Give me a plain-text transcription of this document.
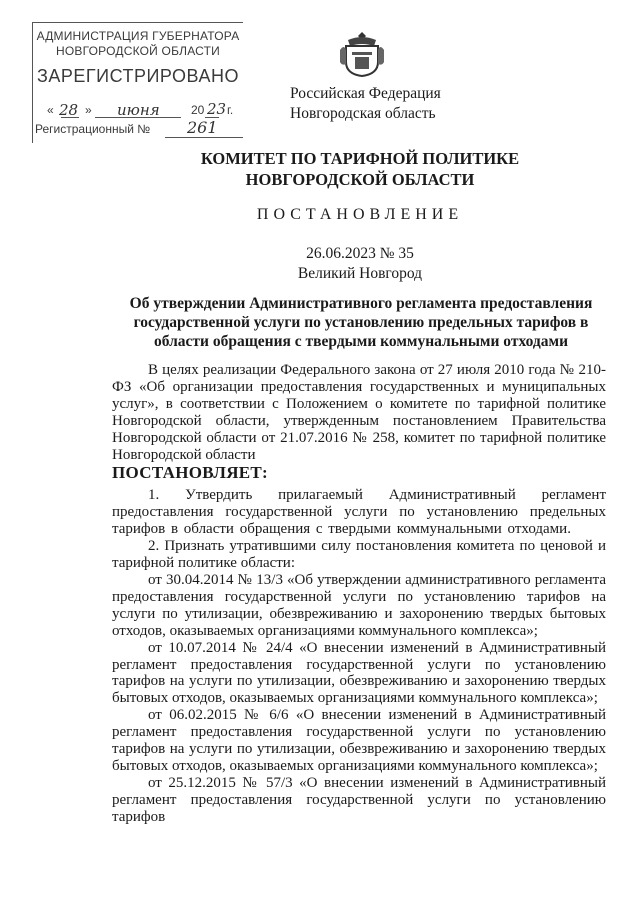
АДМИНИСТРАЦИЯ ГУБЕРНАТОРА
НОВГОРОДСКОЙ ОБЛАСТИ
ЗАРЕГИСТРИРОВАНО
« 28 » июня	20 23 г.
Регистрационный № 261
Российская Федерация
Новгородская область
КОМИТЕТ ПО ТАРИФНОЙ ПОЛИТИКЕ НОВГОРОДСКОЙ ОБЛАСТИ
ПОСТАНОВЛЕНИЕ
26.06.2023 № 35
Великий Новгород
Об утверждении Административного регламента предоставления государственной услуги по установлению предельных тарифов в области обращения с твердыми коммунальными отходами

В целях реализации Федерального закона от 27 июля 2010 года № 210-ФЗ «Об организации предоставления государственных и муниципальных услуг», в соответствии с Положением о комитете по тарифной политике Новгородской области, утвержденным постановлением Правительства Новгородской области от 21.07.2016 № 258, комитет по тарифной политике Новгородской области

ПОСТАНОВЛЯЕТ:

1. Утвердить прилагаемый Административный регламент предоставления государственной услуги по установлению предельных тарифов в области обращения с твердыми коммунальными отходами.

2. Признать утратившими силу постановления комитета по ценовой и тарифной политике области:

от 30.04.2014 № 13/3 «Об утверждении административного регламента предоставления государственной услуги по установлению тарифов на услуги по утилизации, обезвреживанию и захоронению твердых бытовых отходов, оказываемых организациями коммунального комплекса»;

от 10.07.2014 № 24/4 «О внесении изменений в Административный регламент предоставления государственной услуги по установлению тарифов на услуги по утилизации, обезвреживанию и захоронению твердых бытовых отходов, оказываемых организациями коммунального комплекса»;

от 06.02.2015 № 6/6 «О внесении изменений в Административный регламент предоставления государственной услуги по установлению тарифов на услуги по утилизации, обезвреживанию и захоронению твердых бытовых отходов, оказываемых организациями коммунального комплекса»;

от 25.12.2015 № 57/3 «О внесении изменений в Административный регламент предоставления государственной услуги по установлению тарифов
